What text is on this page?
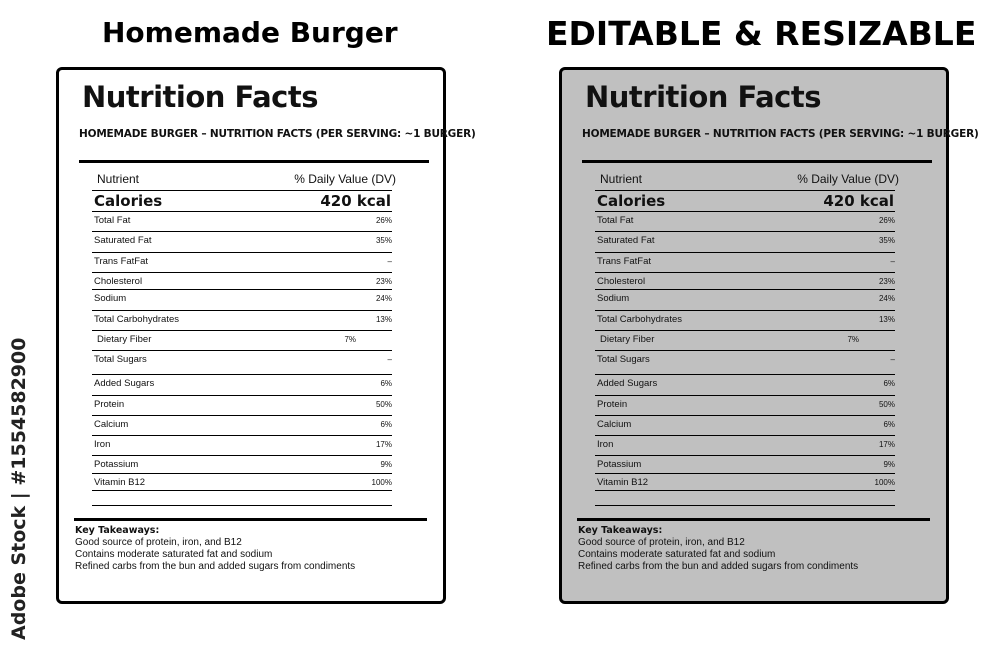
Homemade Burger	EDITABLE & RESIZABLE
Nutrition Facts
HOMEMADE BURGER – NUTRITION FACTS (PER SERVING: ~1 BURGER)
Nutrient	% Daily Value (DV)
Calories	420 kcal
Total Fat	26%
Saturated Fat	35%
Trans FatFat	–
Cholesterol	23%
Sodium	24%
Total Carbohydrates	13%
Dietary Fiber	7%
Total Sugars	–
Added Sugars	6%
Protein	50%
Calcium	6%
Iron	17%
Potassium	9%
Vitamin B12	100%
Key Takeaways:
Good source of protein, iron, and B12
Contains moderate saturated fat and sodium
Refined carbs from the bun and added sugars from condiments
Nutrition Facts
HOMEMADE BURGER – NUTRITION FACTS (PER SERVING: ~1 BURGER)
Nutrient	% Daily Value (DV)
Calories	420 kcal
Total Fat	26%
Saturated Fat	35%
Trans FatFat	–
Cholesterol	23%
Sodium	24%
Total Carbohydrates	13%
Dietary Fiber	7%
Total Sugars	–
Added Sugars	6%
Protein	50%
Calcium	6%
Iron	17%
Potassium	9%
Vitamin B12	100%
Key Takeaways:
Good source of protein, iron, and B12
Contains moderate saturated fat and sodium
Refined carbs from the bun and added sugars from condiments
Adobe Stock | #1554582900
